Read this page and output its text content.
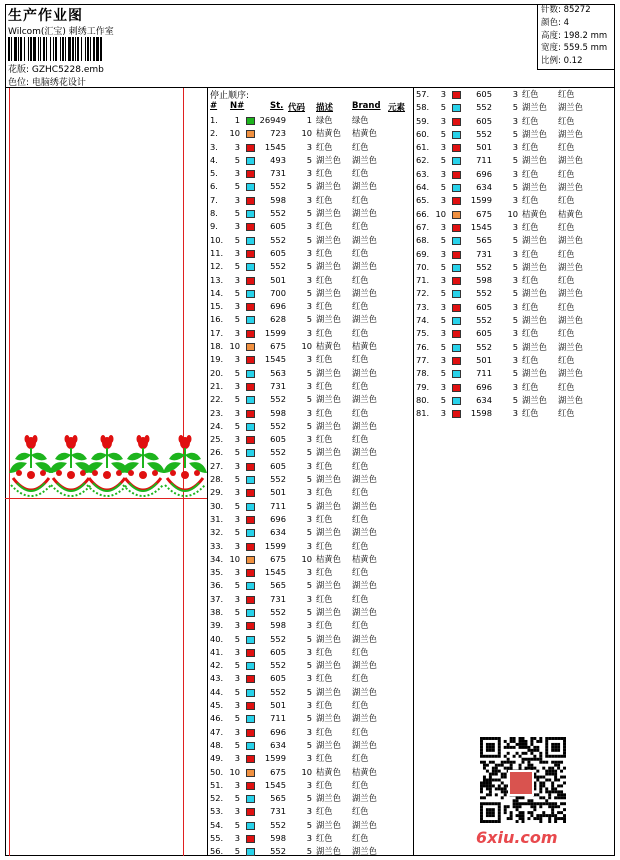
生产作业图
Wilcom(汇宝) 刺绣工作室
花版: GZHC5228.emb
色位: 电脑绣花设计
针数: 85272
颜色: 4
高度: 198.2 mm
宽度: 559.5 mm
比例: 0.12
停止顺序:
# N#	St. 代码 描述 Brand 元素
1.	1	26949	1 绿色 绿色
2.	10	723	10 桔黄色 桔黄色
3.	3	1545	3 红色 红色
4.	5	493	5 湖兰色 湖兰色
5.	3	731	3 红色 红色
6.	5	552	5 湖兰色 湖兰色
7.	3	598	3 红色 红色
8.	5	552	5 湖兰色 湖兰色
9.	3	605	3 红色 红色
10.	5	552	5 湖兰色 湖兰色
11.	3	605	3 红色 红色
12.	5	552	5 湖兰色 湖兰色
13.	3	501	3 红色 红色
14.	5	700	5 湖兰色 湖兰色
15.	3	696	3 红色 红色
16.	5	628	5 湖兰色 湖兰色
17.	3	1599	3 红色 红色
18. 10	675	10 桔黄色 桔黄色
19.	3	1545	3 红色 红色
20.	5	563	5 湖兰色 湖兰色
21.	3	731	3 红色 红色
22.	5	552	5 湖兰色 湖兰色
23.	3	598	3 红色 红色
24.	5	552	5 湖兰色 湖兰色
25.	3	605	3 红色 红色
26.	5	552	5 湖兰色 湖兰色
27.	3	605	3 红色 红色
28.	5	552	5 湖兰色 湖兰色
29.	3	501	3 红色 红色
30.	5	711	5 湖兰色 湖兰色
31.	3	696	3 红色 红色
32.	5	634	5 湖兰色 湖兰色
33.	3	1599	3 红色 红色
34. 10	675	10 桔黄色 桔黄色
35.	3	1545	3 红色 红色
36.	5	565	5 湖兰色 湖兰色
37.	3	731	3 红色 红色
38.	5	552	5 湖兰色 湖兰色
39.	3	598	3 红色 红色
40.	5	552	5 湖兰色 湖兰色
41.	3	605	3 红色 红色
42.	5	552	5 湖兰色 湖兰色
43.	3	605	3 红色 红色
44.	5	552	5 湖兰色 湖兰色
45.	3	501	3 红色 红色
46.	5	711	5 湖兰色 湖兰色
47.	3	696	3 红色 红色
48.	5	634	5 湖兰色 湖兰色
49.	3	1599	3 红色 红色
50. 10	675	10 桔黄色 桔黄色
51.	3	1545	3 红色 红色
52.	5	565	5 湖兰色 湖兰色
53.	3	731	3 红色 红色
54.	5	552	5 湖兰色 湖兰色
55.	3	598	3 红色 红色
56.	5	552	5 湖兰色 湖兰色
57.	3	605	3 红色 红色
58.	5	552	5 湖兰色 湖兰色
59.	3	605	3 红色 红色
60.	5	552	5 湖兰色 湖兰色
61.	3	501	3 红色 红色
62.	5	711	5 湖兰色 湖兰色
63.	3	696	3 红色 红色
64.	5	634	5 湖兰色 湖兰色
65.	3	1599	3 红色 红色
66. 10	675	10 桔黄色 桔黄色
67.	3	1545	3 红色 红色
68.	5	565	5 湖兰色 湖兰色
69.	3	731	3 红色 红色
70.	5	552	5 湖兰色 湖兰色
71.	3	598	3 红色 红色
72.	5	552	5 湖兰色 湖兰色
73.	3	605	3 红色 红色
74.	5	552	5 湖兰色 湖兰色
75.	3	605	3 红色 红色
76.	5	552	5 湖兰色 湖兰色
77.	3	501	3 红色 红色
78.	5	711	5 湖兰色 湖兰色
79.	3	696	3 红色 红色
80.	5	634	5 湖兰色 湖兰色
81.	3	1598	3 红色 红色
6xiu.com
